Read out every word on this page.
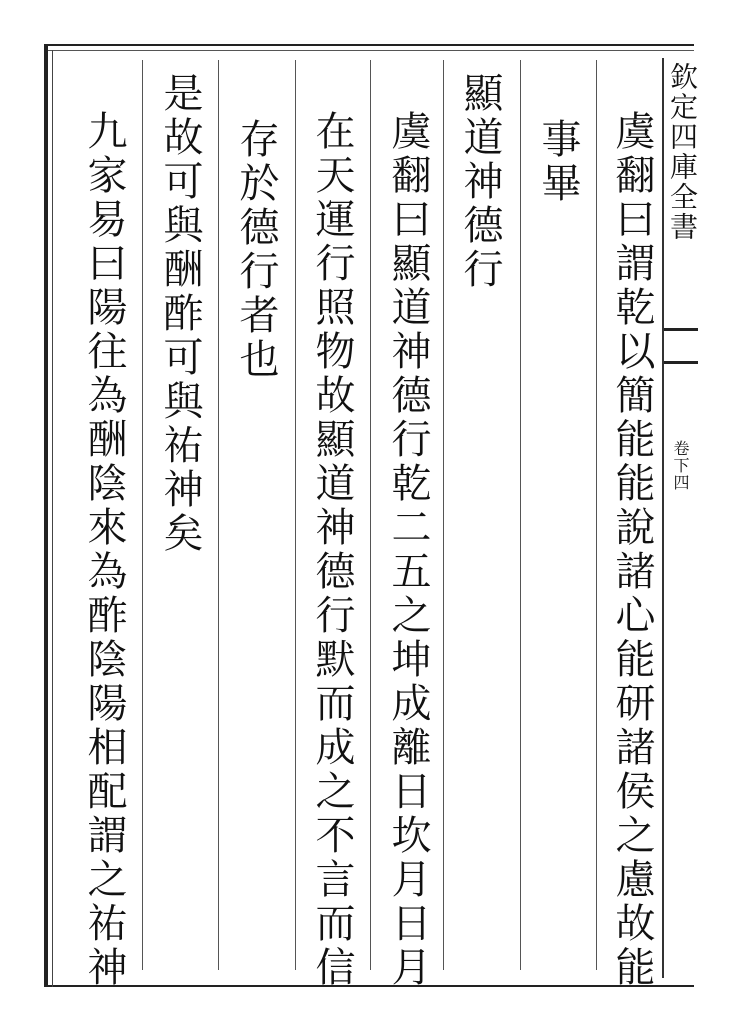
欽定四庫全書
卷下四
虞翻曰謂乾以簡能能說諸心能研諸侯之慮故能
事畢
顯道神德行
虞翻曰顯道神德行乾二五之坤成離日坎月日月
在天運行照物故顯道神德行默而成之不言而信
存於德行者也
是故可與酬酢可與祐神矣
九家易曰陽往為酬陰來為酢陰陽相配謂之祐神
